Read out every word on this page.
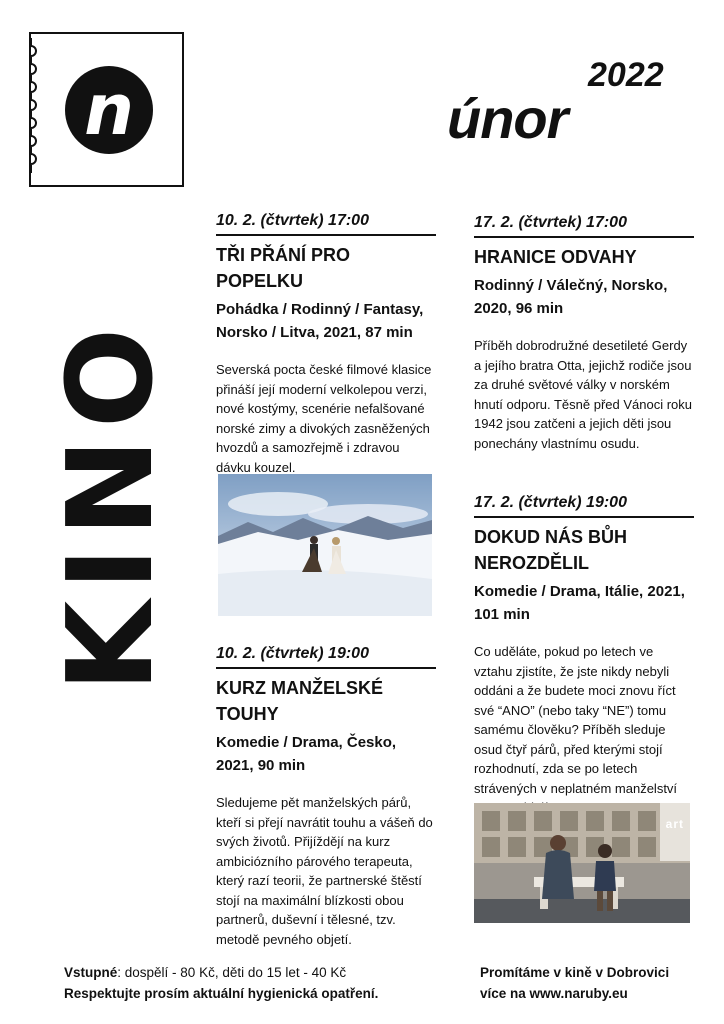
n	2022
únor
KINO
10. 2. (čtvrtek) 17:00
TŘI PŘÁNÍ PRO POPELKU
Pohádka / Rodinný / Fantasy, Norsko / Litva, 2021, 87 min
Severská pocta české filmové klasice přináší její moderní velkolepou verzi, nové kostýmy, scenérie nefalšované norské zimy a divokých zasněžených hvozdů a samozřejmě i zdravou dávku kouzel.
10. 2. (čtvrtek) 19:00
KURZ MANŽELSKÉ TOUHY
Komedie / Drama, Česko, 2021, 90 min
Sledujeme pět manželských párů, kteří si přejí navrátit touhu a vášeň do svých životů. Přijíždějí na kurz ambiciózního párového terapeuta, který razí teorii, že partnerské štěstí stojí na maximální blízkosti obou partnerů, duševní i tělesné, tzv. metodě pevného objetí.
17. 2. (čtvrtek) 17:00
HRANICE ODVAHY
Rodinný / Válečný, Norsko, 2020, 96 min
Příběh dobrodružné desetileté Gerdy a jejího bratra Otta, jejichž rodiče jsou za druhé světové války v norském hnutí odporu. Těsně před Vánoci roku 1942 jsou zatčeni a jejich děti jsou ponechány vlastnímu osudu.
17. 2. (čtvrtek) 19:00
DOKUD NÁS BŮH NEROZDĚLIL
Komedie / Drama, Itálie, 2021, 101 min
Co uděláte, pokud po letech ve vztahu zjistíte, že jste nikdy nebyli oddáni a že budete moci znovu říct své “ANO” (nebo taky “NE”) tomu samému člověku? Příběh sleduje osud čtyř párů, před kterými stojí rozhodnutí, zda se po letech strávených v neplatném manželství
art
Vstupné: dospělí - 80 Kč, děti do 15 let - 40 Kč
Respektujte prosím aktuální hygienická opatření.
Promítáme v kině v Dobrovici
více na www.naruby.eu
